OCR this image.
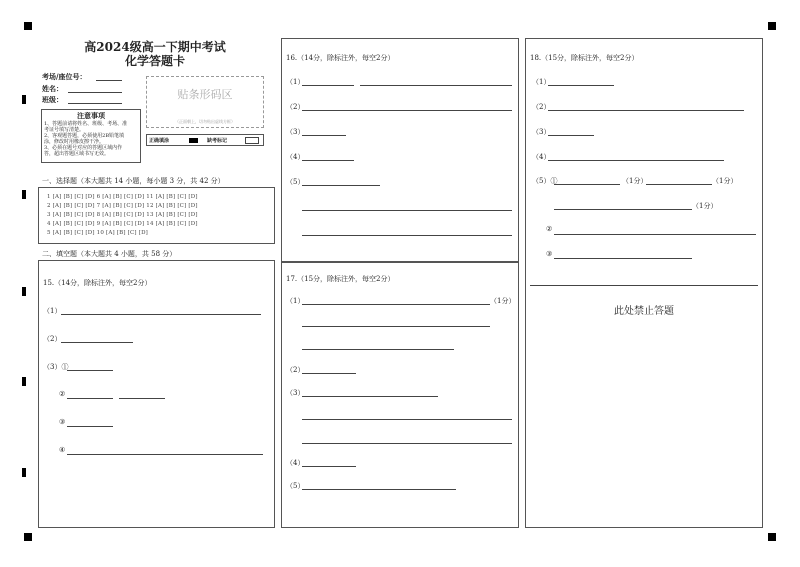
高2024级高一下期中考试
化学答题卡
考场/座位号：
姓名：
班级：	贴条形码区
（正面朝上，切勿贴出虚线方框）
注意事项
1、答题前请将姓名、班级、考场、准
考证号填写清楚。
2、客观题答题，必须使用2B铅笔填
涂，修改时用橡皮擦干净。
3、必须在题号对应的答题区域内作
答，超出答题区域书写无效。
正确填涂	缺考标记
一、选择题（本大题共 14 小题，每小题 3 分，共 42 分）
1 [A] [B] [C] [D] 6 [A] [B] [C] [D] 11 [A] [B] [C] [D]
2 [A] [B] [C] [D] 7 [A] [B] [C] [D] 12 [A] [B] [C] [D]
3 [A] [B] [C] [D] 8 [A] [B] [C] [D] 13 [A] [B] [C] [D]
4 [A] [B] [C] [D] 9 [A] [B] [C] [D] 14 [A] [B] [C] [D]
5 [A] [B] [C] [D] 10 [A] [B] [C] [D]
二、填空题（本大题共 4 小题，共 58 分）
15.（14分，除标注外，每空2分）
（1）
（2）
（3）①
②
③
④
16.（14分，除标注外，每空2分）
（1）
（2）
（3）
（4）
（5）
17.（15分，除标注外，每空2分）
（1）	（1分）
（2）
（3）
（4）
（5）
18.（15分，除标注外，每空2分）
（1）
（2）
（3）
（4）
（5）①	（1分）	（1分）
（1分）
②
③
此处禁止答题
